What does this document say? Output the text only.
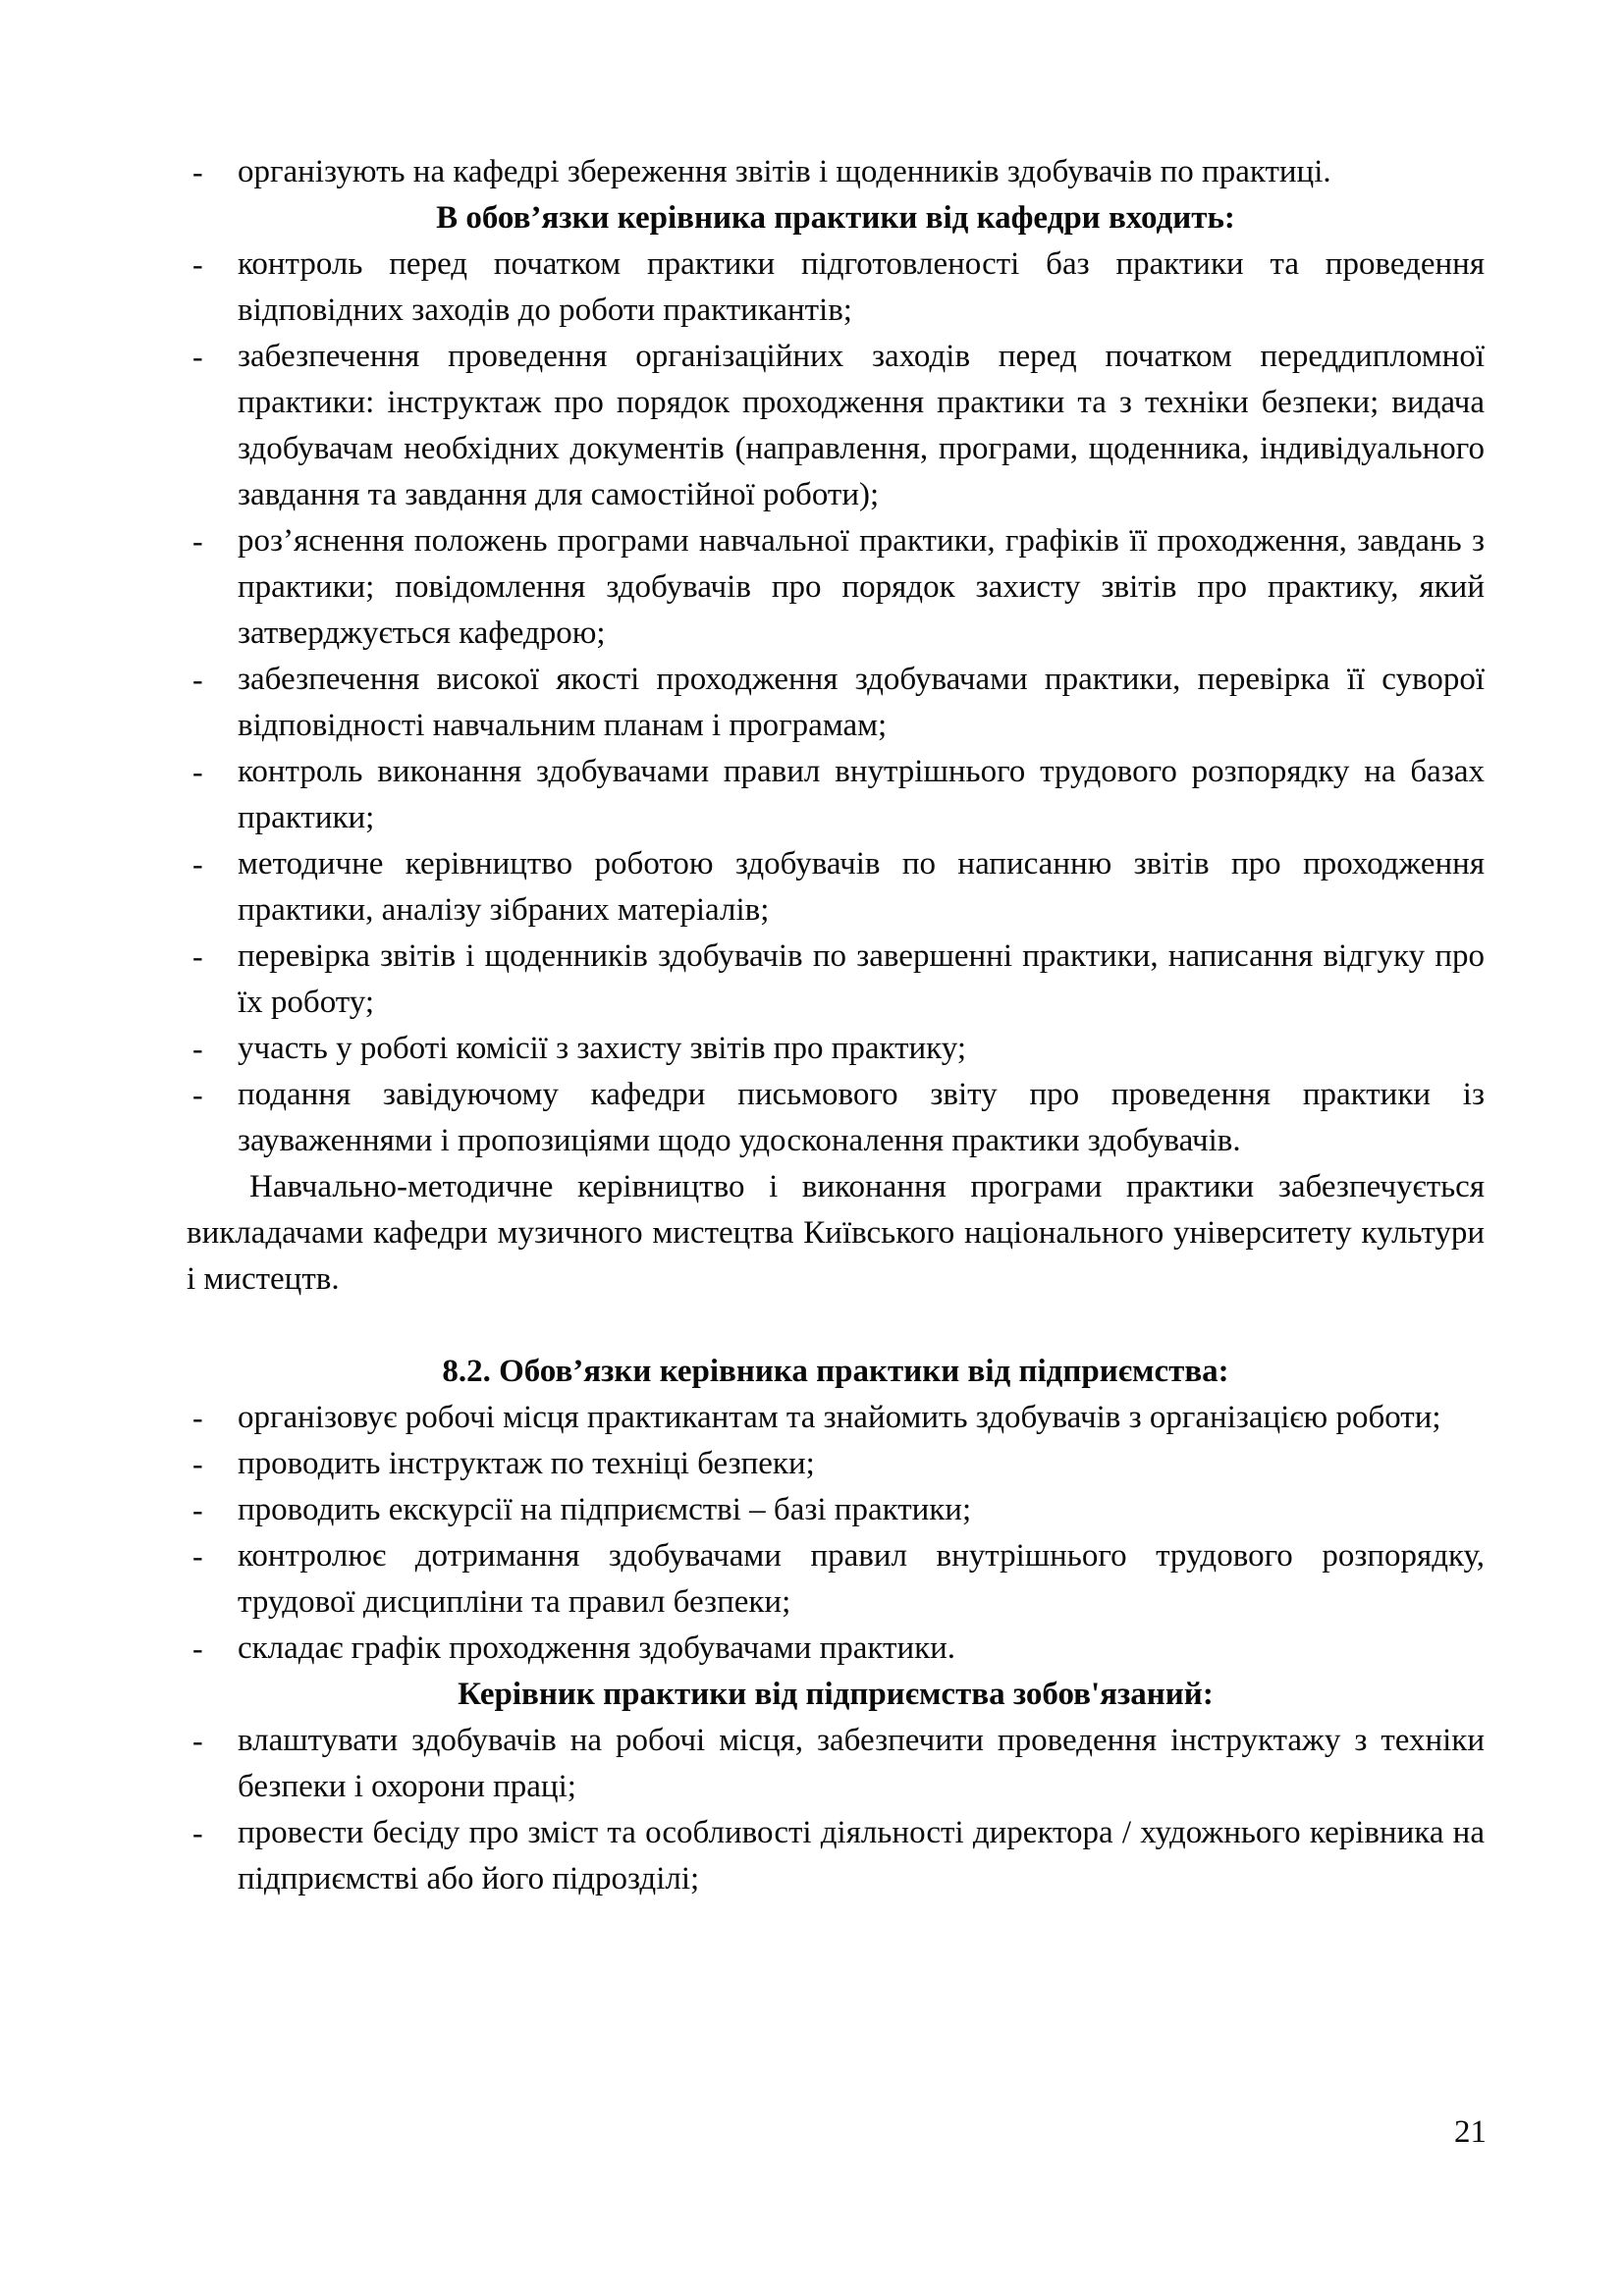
-	організують на кафедрі збереження звітів і щоденників здобувачів по практиці.
В обов’язки керівника практики від кафедри входить:
-	контроль перед початком практики підготовленості баз практики та проведення відповідних заходів до роботи практикантів;
-	забезпечення проведення організаційних заходів перед початком переддипломної практики: інструктаж про порядок проходження практики та з техніки безпеки; видача здобувачам необхідних документів (направлення, програми, щоденника, індивідуального завдання та завдання для самостійної роботи);
-	роз’яснення положень програми навчальної практики, графіків її проходження, завдань з практики; повідомлення здобувачів про порядок захисту звітів про практику, який затверджується кафедрою;
-	забезпечення високої якості проходження здобувачами практики, перевірка її суворої відповідності навчальним планам і програмам;
-	контроль виконання здобувачами правил внутрішнього трудового розпорядку на базах практики;
-	методичне керівництво роботою здобувачів по написанню звітів про проходження практики, аналізу зібраних матеріалів;
-	перевірка звітів і щоденників здобувачів по завершенні практики, написання відгуку про їх роботу;
-	участь у роботі комісії з захисту звітів про практику;
-	подання завідуючому кафедри письмового звіту про проведення практики із зауваженнями і пропозиціями щодо удосконалення практики здобувачів.
Навчально-методичне керівництво і виконання програми практики забезпечується викладачами кафедри музичного мистецтва Київського національного університету культури і мистецтв.
8.2. Обов’язки керівника практики від підприємства:
-	організовує робочі місця практикантам та знайомить здобувачів з організацією роботи;
-	проводить інструктаж по техніці безпеки;
-	проводить екскурсії на підприємстві – базі практики;
-	контролює дотримання здобувачами правил внутрішнього трудового розпорядку, трудової дисципліни та правил безпеки;
-	складає графік проходження здобувачами практики.
Керівник практики від підприємства зобов'язаний:
-	влаштувати здобувачів на робочі місця, забезпечити проведення інструктажу з техніки безпеки і охорони праці;
-	провести бесіду про зміст та особливості діяльності директора / художнього керівника на підприємстві або його підрозділі;
21
